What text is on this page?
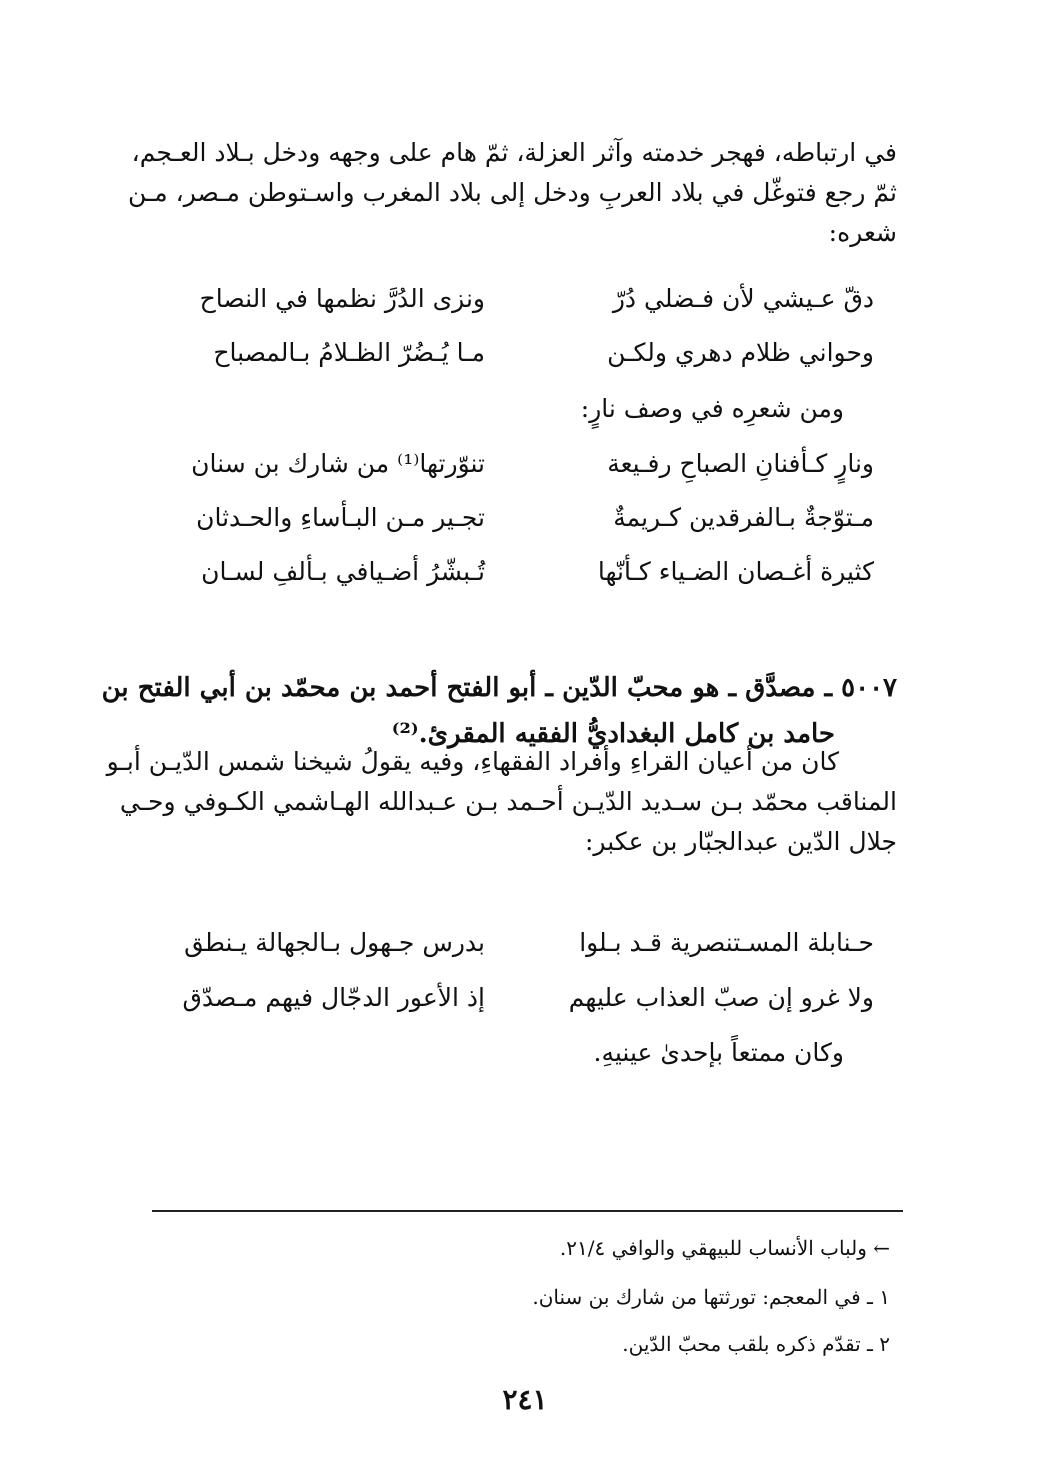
في ارتباطه، فهجر خدمته وآثر العزلة، ثمّ هام على وجهه ودخل بـلاد العـجم،
ثمّ رجع فتوغّل في بلاد العربِ ودخل إلى بلاد المغرب واسـتوطن مـصر، مـن
شعره:
دقّ عـيشي لأن فـضلي دُرّ
ونزى الدُرَّ نظمها في النصاح
وحواني ظلام دهري ولكـن
مـا يُـضُرّ الظـلامُ بـالمصباح
ومن شعرِه في وصف نارٍ:
ونارٍ كـأفنانِ الصباحِ رفـيعة
تنوّرتها⁽¹⁾ من شارك بن سنان
مـتوّجةٌ بـالفرقدين كـريمةٌ
تجـير مـن البـأساءِ والحـدثان
كثيرة أغـصان الضـياء كـأنّها
تُـبشّرُ أضـيافي بـألفِ لسـان
٥٠٠٧ ـ مصدَّق ـ هو محبّ الدّين ـ أبو الفتح أحمد بن محمّد بن أبي الفتح بن
حامد بن كامل البغداديُّ الفقيه المقرئ.⁽²⁾
كان من أعيان القراءِ وأفراد الفقهاءِ، وفيه يقولُ شيخنا شمس الدّيـن أبـو
المناقب محمّد بـن سـديد الدّيـن أحـمد بـن عـبدالله الهـاشمي الكـوفي وحـي
جلال الدّين عبدالجبّار بن عكبر:
حـنابلة المسـتنصرية قـد بـلوا
بدرس جـهول بـالجهالة يـنطق
ولا غرو إن صبّ العذاب عليهم
إذ الأعور الدجّال فيهم مـصدّق
وكان ممتعاً بإحدىٰ عينيهِ.
← ولباب الأنساب للبيهقي والوافي ٢١/٤.
١ ـ في المعجم: تورثتها من شارك بن سنان.
٢ ـ تقدّم ذكره بلقب محبّ الدّين.
٢٤١
